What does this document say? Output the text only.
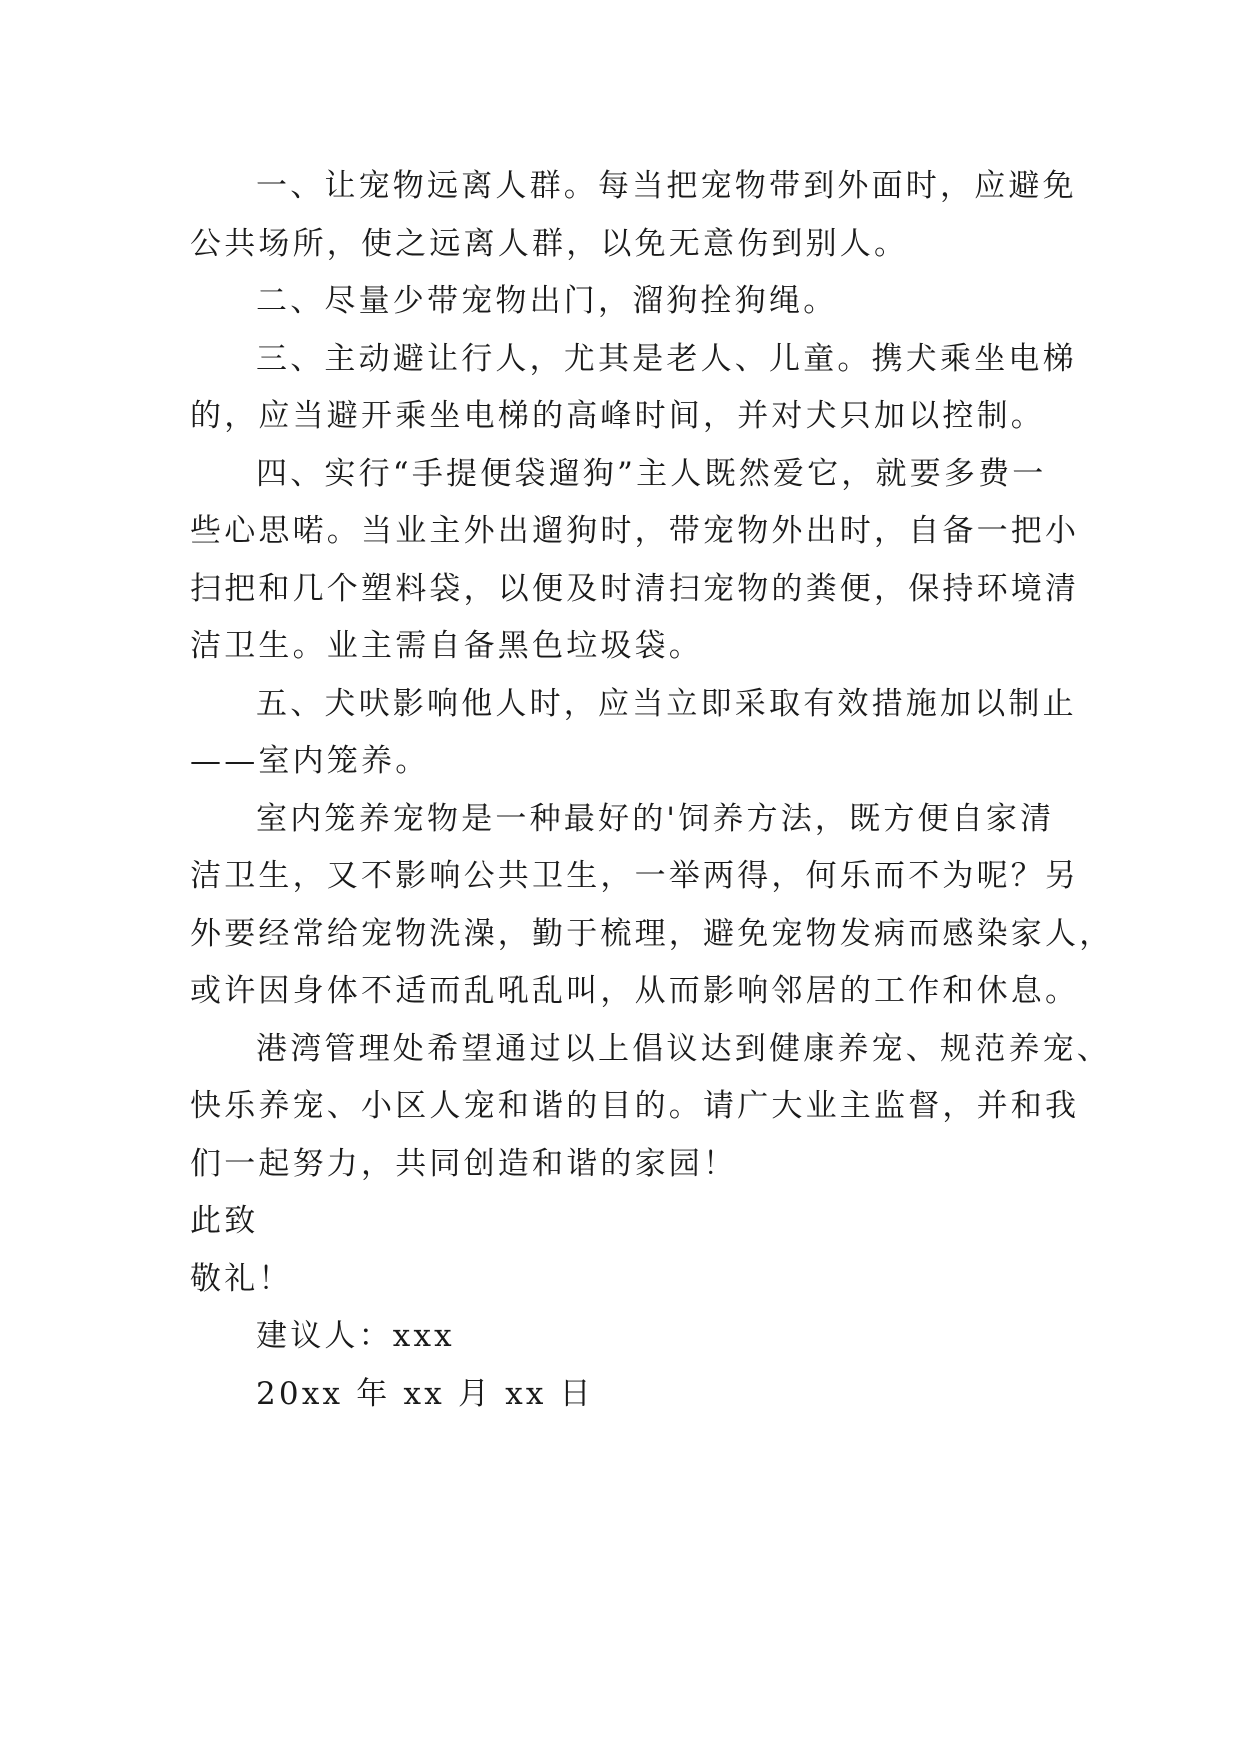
一、让宠物远离人群。每当把宠物带到外面时，应避免
公共场所，使之远离人群，以免无意伤到别人。

二、尽量少带宠物出门，溜狗拴狗绳。

三、主动避让行人，尤其是老人、儿童。携犬乘坐电梯
的，应当避开乘坐电梯的高峰时间，并对犬只加以控制。

四、实行“手提便袋遛狗”主人既然爱它，就要多费一
些心思喏。当业主外出遛狗时，带宠物外出时，自备一把小
扫把和几个塑料袋，以便及时清扫宠物的粪便，保持环境清
洁卫生。业主需自备黑色垃圾袋。

五、犬吠影响他人时，应当立即采取有效措施加以制止
——室内笼养。

室内笼养宠物是一种最好的'饲养方法，既方便自家清
洁卫生，又不影响公共卫生，一举两得，何乐而不为呢？另
外要经常给宠物洗澡，勤于梳理，避免宠物发病而感染家人，
或许因身体不适而乱吼乱叫，从而影响邻居的工作和休息。

港湾管理处希望通过以上倡议达到健康养宠、规范养宠、
快乐养宠、小区人宠和谐的目的。请广大业主监督，并和我
们一起努力，共同创造和谐的家园！

此致

敬礼！

建议人：xxx

20xx 年 xx 月 xx 日
